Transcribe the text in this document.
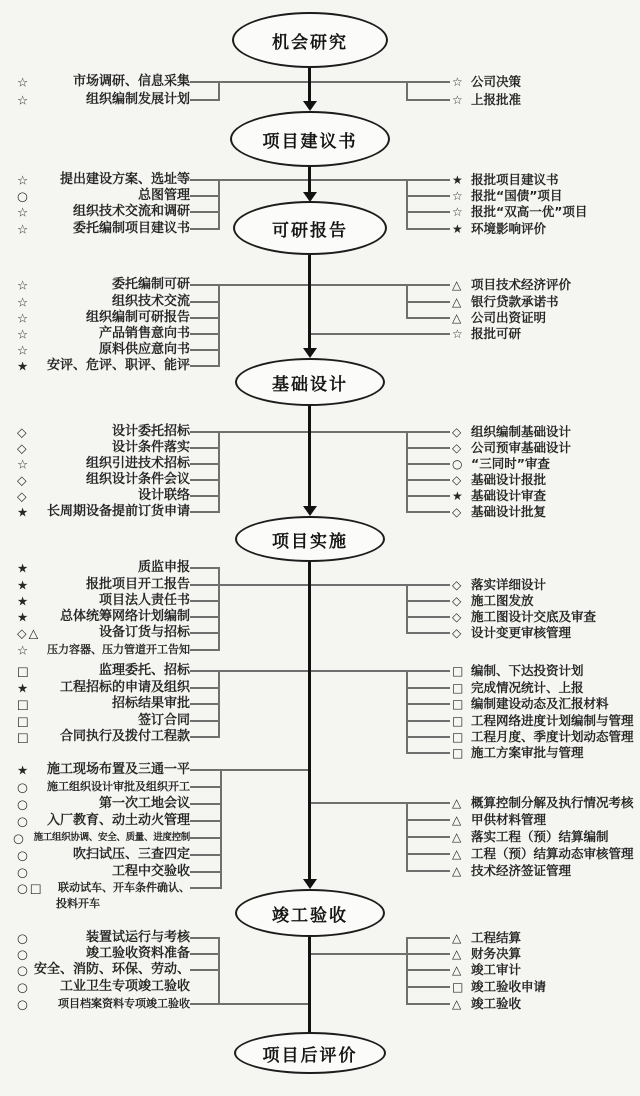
机会研究
项目建议书
可研报告
基础设计
项目实施
竣工验收
项目后评价
市场调研、信息采集
☆
组织编制发展计划
☆
☆ 公司决策
☆ 上报批准
提出建设方案、选址等
☆
总图管理
○
组织技术交流和调研
☆
委托编制项目建议书
☆
★ 报批项目建议书
☆ 报批“国债”项目
☆ 报批“双高一优”项目
★ 环境影响评价
委托编制可研
☆
组织技术交流
☆
组织编制可研报告
☆
产品销售意向书
☆
原料供应意向书
☆
安评、危评、职评、能评
★
△ 项目技术经济评价
△ 银行贷款承诺书
△ 公司出资证明
☆ 报批可研
设计委托招标
◇
设计条件落实
◇
组织引进技术招标
☆
组织设计条件会议
◇
设计联络
◇
长周期设备提前订货申请
★
◇ 组织编制基础设计
◇ 公司预审基础设计
○ “三同时”审查
◇ 基础设计报批
★ 基础设计审查
◇ 基础设计批复
质监申报
★
报批项目开工报告
★
项目法人责任书
★
总体统筹网络计划编制
★
设备订货与招标
◇△
压力容器、压力管道开工告知
☆
◇ 落实详细设计
◇ 施工图发放
◇ 施工图设计交底及审查
◇ 设计变更审核管理
监理委托、招标
□
工程招标的申请及组织
★
招标结果审批
□
签订合同
□
合同执行及拨付工程款
□
□ 编制、下达投资计划
□ 完成情况统计、上报
□ 编制建设动态及汇报材料
□ 工程网络进度计划编制与管理
□ 工程月度、季度计划动态管理
□ 施工方案审批与管理
施工现场布置及三通一平
★
施工组织设计审批及组织开工
○
第一次工地会议
○
入厂教育、动土动火管理
○
施工组织协调、安全、质量、进度控制
○
吹扫试压、三查四定
○
工程中交验收
○
联动试车、开车条件确认、
○□
投料开车
△ 概算控制分解及执行情况考核
△ 甲供材料管理
△ 落实工程（预）结算编制
△ 工程（预）结算动态审核管理
△ 技术经济签证管理
装置试运行与考核
○
竣工验收资料准备
○
安全、消防、环保、劳动、
○
工业卫生专项竣工验收
○
项目档案资料专项竣工验收
○
△ 工程结算
△ 财务决算
△ 竣工审计
□ 竣工验收申请
△ 竣工验收
